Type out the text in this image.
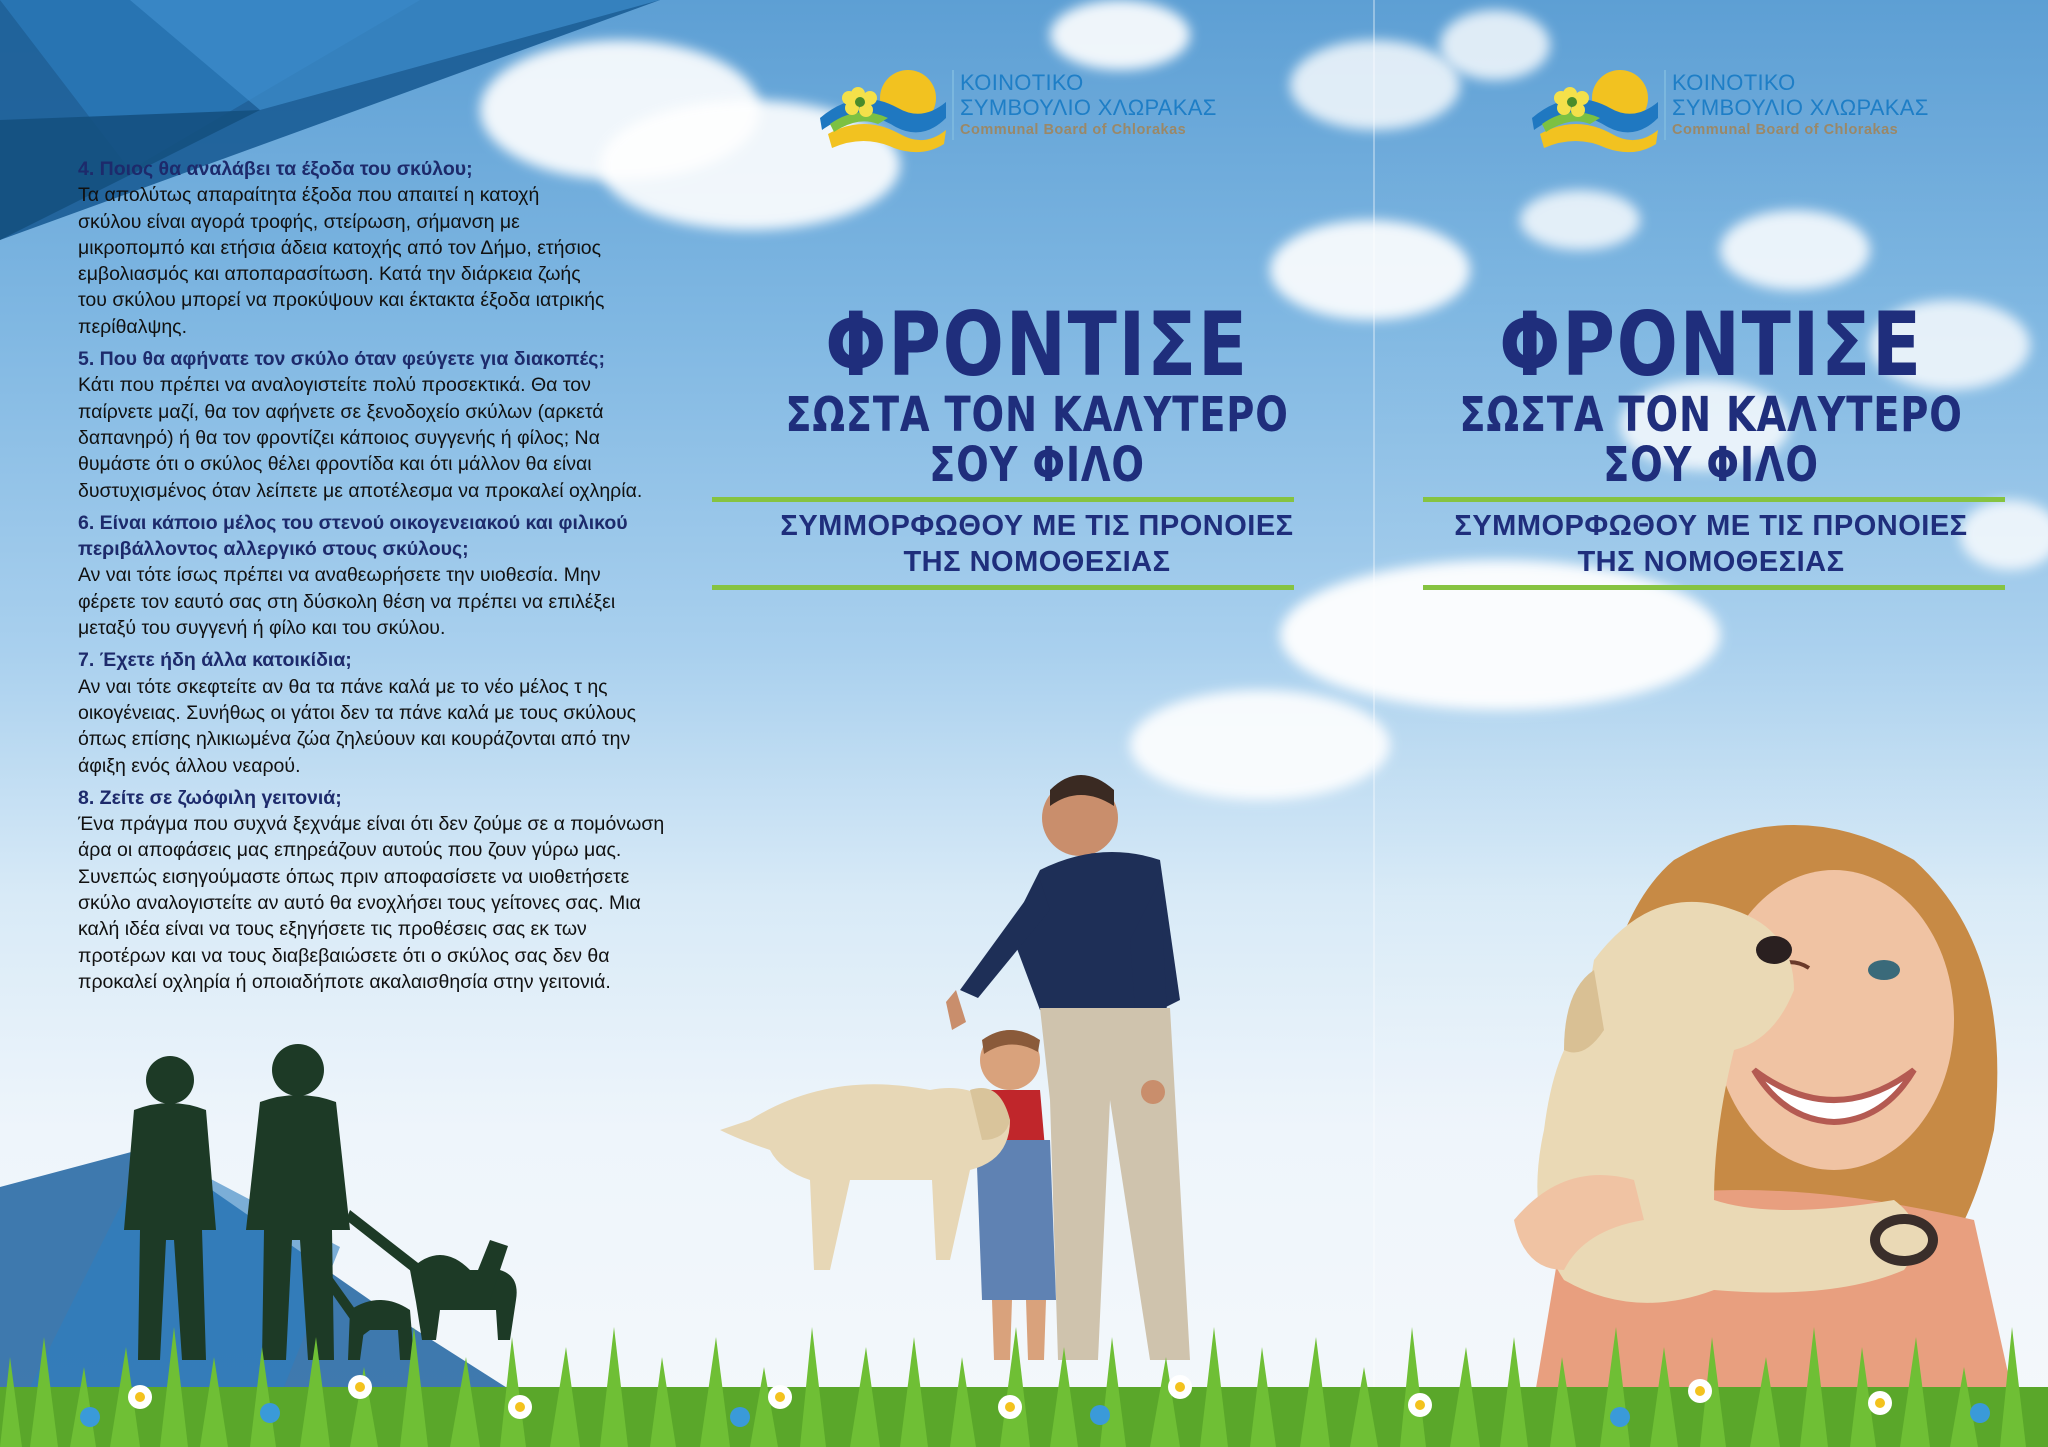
4. Ποιος θα αναλάβει τα έξοδα του σκύλου;
Τα απολύτως απαραίτητα έξοδα που απαιτεί η κατοχή σκύλου είναι αγορά τροφής, στείρωση, σήμανση με μικροπομπό και ετήσια άδεια κατοχής από τον Δήμο, ετήσιος εμβολιασμός και αποπαρασίτωση. Κατά την διάρκεια ζωής του σκύλου μπορεί να προκύψουν και έκτακτα έξοδα ιατρικής περίθαλψης.
5. Που θα αφήνατε τον σκύλο όταν φεύγετε για διακοπές;
Κάτι που πρέπει να αναλογιστείτε πολύ προσεκτικά. Θα τον παίρνετε μαζί, θα τον αφήνετε σε ξενοδοχείο σκύλων (αρκετά δαπανηρό) ή θα τον φροντίζει κάποιος συγγενής ή φίλος; Να θυμάστε ότι ο σκύλος θέλει φροντίδα και ότι μάλλον θα είναι δυστυχισμένος όταν λείπετε με αποτέλεσμα να προκαλεί οχληρία.
6. Είναι κάποιο μέλος του στενού οικογενειακού και φιλικού περιβάλλοντος αλλεργικό στους σκύλους;
Αν ναι τότε ίσως πρέπει να αναθεωρήσετε την υιοθεσία. Μην φέρετε τον εαυτό σας στη δύσκολη θέση να πρέπει να επιλέξει μεταξύ του συγγενή ή φίλο και του σκύλου.
7. Έχετε ήδη άλλα κατοικίδια;
Αν ναι τότε σκεφτείτε αν θα τα πάνε καλά με το νέο μέλος τ ης οικογένειας. Συνήθως οι γάτοι δεν τα πάνε καλά με τους σκύλους όπως επίσης ηλικιωμένα ζώα ζηλεύουν και κουράζονται από την άφιξη ενός άλλου νεαρού.
8. Ζείτε σε ζωόφιλη γειτονιά;
Ένα πράγμα που συχνά ξεχνάμε είναι ότι δεν ζούμε σε α πομόνωση άρα οι αποφάσεις μας επηρεάζουν αυτούς που ζουν γύρω μας. Συνεπώς εισηγούμαστε όπως πριν αποφασίσετε να υιοθετήσετε σκύλο αναλογιστείτε αν αυτό θα ενοχλήσει τους γείτονες σας. Μια καλή ιδέα είναι να τους εξηγήσετε τις προθέσεις σας εκ των προτέρων και να τους διαβεβαιώσετε ότι ο σκύλος σας δεν θα προκαλεί οχληρία ή οποιαδήποτε ακαλαισθησία στην γειτονιά.
ΚΟΙΝΟΤΙΚΟ
ΣΥΜΒΟΥΛΙΟ ΧΛΩΡΑΚΑΣ
Communal Board of Chlorakas
ΦΡΟΝΤΙΣΕ
ΣΩΣΤΑ ΤΟΝ ΚΑΛΥΤΕΡΟ ΣΟΥ ΦΙΛΟ
ΣΥΜΜΟΡΦΩΘΟΥ ΜΕ ΤΙΣ ΠΡΟΝΟΙΕΣ
ΤΗΣ ΝΟΜΟΘΕΣΙΑΣ
ΚΟΙΝΟΤΙΚΟ
ΣΥΜΒΟΥΛΙΟ ΧΛΩΡΑΚΑΣ
Communal Board of Chlorakas
ΦΡΟΝΤΙΣΕ
ΣΩΣΤΑ ΤΟΝ ΚΑΛΥΤΕΡΟ ΣΟΥ ΦΙΛΟ
ΣΥΜΜΟΡΦΩΘΟΥ ΜΕ ΤΙΣ ΠΡΟΝΟΙΕΣ
ΤΗΣ ΝΟΜΟΘΕΣΙΑΣ
